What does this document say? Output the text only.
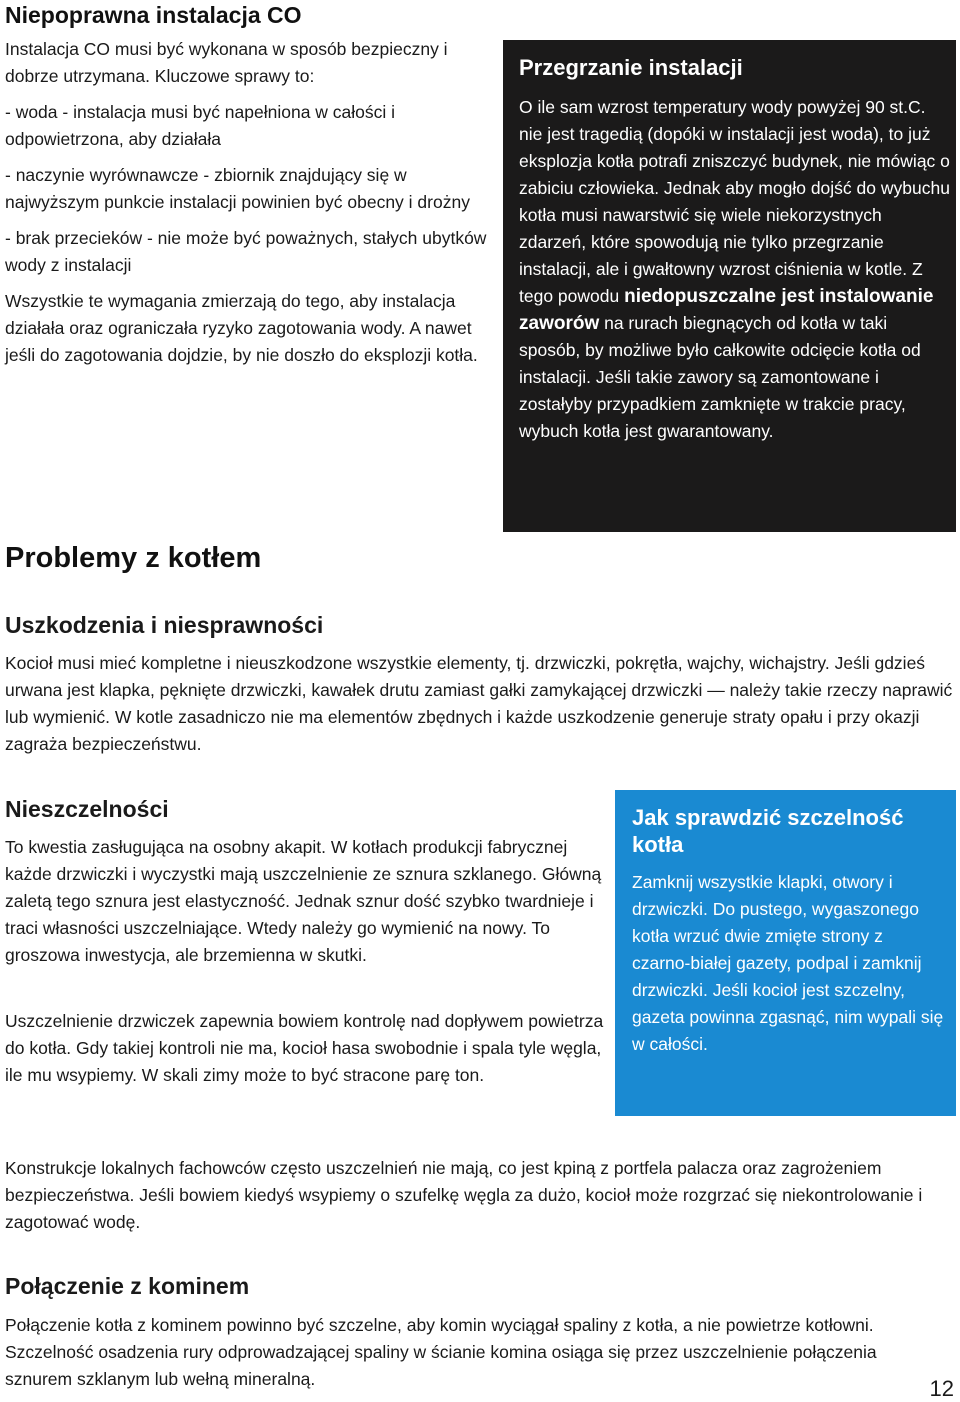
Niepoprawna instalacja CO

Instalacja CO musi być wykonana w sposób bezpieczny i dobrze utrzymana. Kluczowe sprawy to:

- woda - instalacja musi być napełniona w całości i odpowietrzona, aby działała

- naczynie wyrównawcze - zbiornik znajdujący się w najwyższym punkcie instalacji powinien być obecny i drożny

- brak przecieków - nie może być poważnych, stałych ubytków wody z instalacji

Wszystkie te wymagania zmierzają do tego, aby instalacja działała oraz ograniczała ryzyko zagotowania wody. A nawet jeśli do zagotowania dojdzie, by nie doszło do eksplozji kotła.

Przegrzanie instalacji
O ile sam wzrost temperatury wody powyżej 90 st.C. nie jest tragedią (dopóki w instalacji jest woda), to już eksplozja kotła potrafi zniszczyć budynek, nie mówiąc o zabiciu człowieka. Jednak aby mogło dojść do wybuchu kotła musi nawarstwić się wiele niekorzystnych zdarzeń, które spowodują nie tylko przegrzanie instalacji, ale i gwałtowny wzrost ciśnienia w kotle. Z tego powodu niedopuszczalne jest instalowanie zaworów na rurach biegnących od kotła w taki sposób, by możliwe było całkowite odcięcie kotła od instalacji. Jeśli takie zawory są zamontowane i zostałyby przypadkiem zamknięte w trakcie pracy, wybuch kotła jest gwarantowany.
Problemy z kotłem
Uszkodzenia i niesprawności
Kocioł musi mieć kompletne i nieuszkodzone wszystkie elementy, tj. drzwiczki, pokrętła, wajchy, wichajstry. Jeśli gdzieś urwana jest klapka, pęknięte drzwiczki, kawałek drutu zamiast gałki zamykającej drzwiczki — należy takie rzeczy naprawić lub wymienić. W kotle zasadniczo nie ma elementów zbędnych i każde uszkodzenie generuje straty opału i przy okazji zagraża bezpieczeństwu.
Nieszczelności
To kwestia zasługująca na osobny akapit. W kotłach produkcji fabrycznej każde drzwiczki i wyczystki mają uszczelnienie ze sznura szklanego. Główną zaletą tego sznura jest elastyczność. Jednak sznur dość szybko twardnieje i traci własności uszczelniające. Wtedy należy go wymienić na nowy. To groszowa inwestycja, ale brzemienna w skutki.
Uszczelnienie drzwiczek zapewnia bowiem kontrolę nad dopływem powietrza do kotła. Gdy takiej kontroli nie ma, kocioł hasa swobodnie i spala tyle węgla, ile mu wsypiemy. W skali zimy może to być stracone parę ton.
Jak sprawdzić szczelność kotła
Zamknij wszystkie klapki, otwory i drzwiczki. Do pustego, wygaszonego kotła wrzuć dwie zmięte strony z czarno-białej gazety, podpal i zamknij drzwiczki. Jeśli kocioł jest szczelny, gazeta powinna zgasnąć, nim wypali się w całości.
Konstrukcje lokalnych fachowców często uszczelnień nie mają, co jest kpiną z portfela palacza oraz zagrożeniem bezpieczeństwa. Jeśli bowiem kiedyś wsypiemy o szufelkę węgla za dużo, kocioł może rozgrzać się niekontrolowanie i zagotować wodę.
Połączenie z kominem
Połączenie kotła z kominem powinno być szczelne, aby komin wyciągał spaliny z kotła, a nie powietrze kotłowni. Szczelność osadzenia rury odprowadzającej spaliny w ścianie komina osiąga się przez uszczelnienie połączenia sznurem szklanym lub wełną mineralną.	12
